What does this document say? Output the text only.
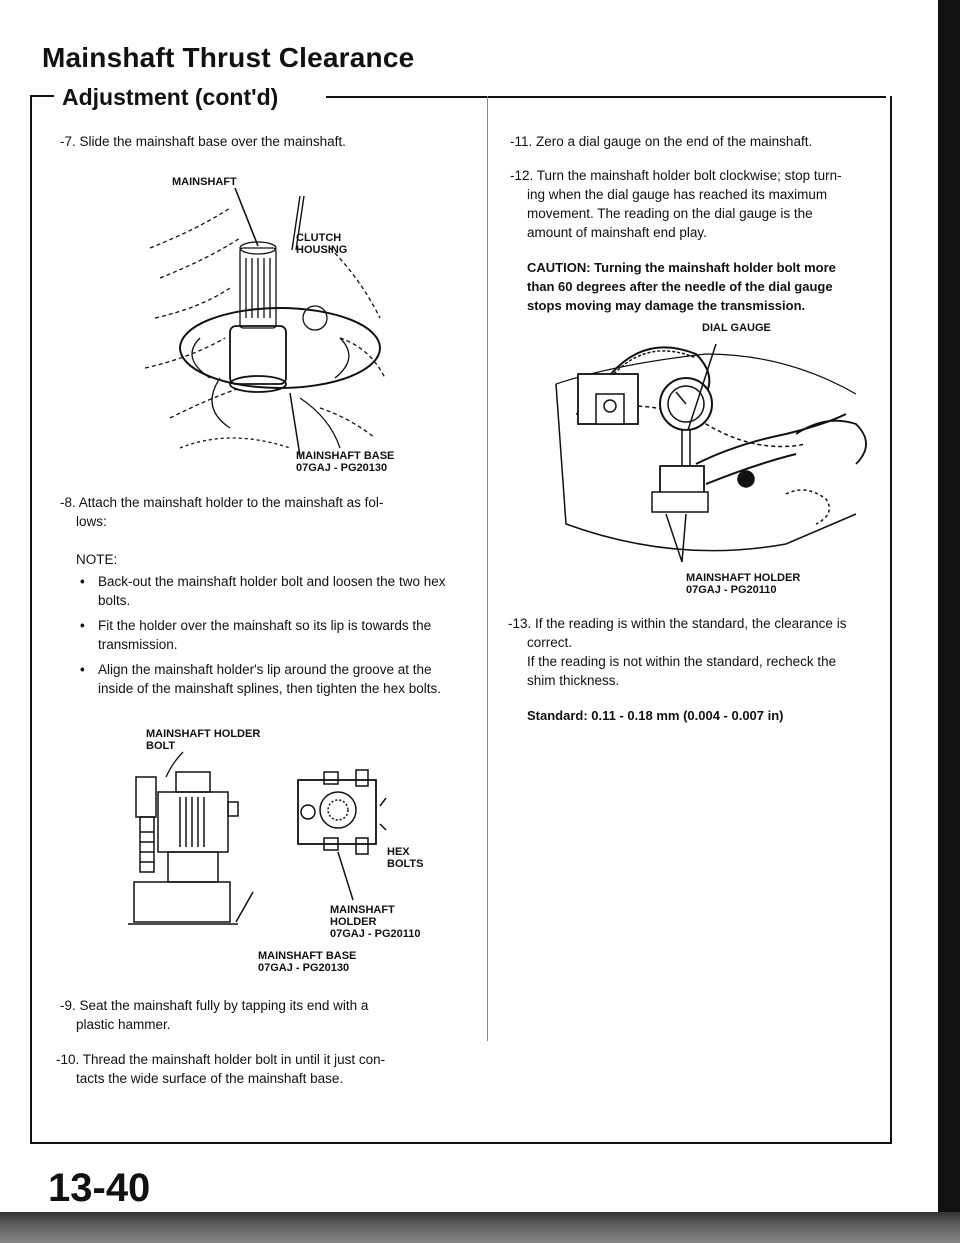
Mainshaft Thrust Clearance
Adjustment (cont'd)
-7. Slide the mainshaft base over the mainshaft.
MAINSHAFT
CLUTCH
HOUSING
MAINSHAFT BASE
07GAJ - PG20130
-8. Attach the mainshaft holder to the mainshaft as fol-
lows:
NOTE:
• Back-out the mainshaft holder bolt and loosen the two hex bolts.
• Fit the holder over the mainshaft so its lip is towards the transmission.
• Align the mainshaft holder's lip around the groove at the inside of the mainshaft splines, then tighten the hex bolts.
MAINSHAFT HOLDER
BOLT
HEX
BOLTS
MAINSHAFT
HOLDER
07GAJ - PG20110
MAINSHAFT BASE
07GAJ - PG20130
-9. Seat the mainshaft fully by tapping its end with a
plastic hammer.
-10. Thread the mainshaft holder bolt in until it just con-
tacts the wide surface of the mainshaft base.
-11. Zero a dial gauge on the end of the mainshaft.
-12. Turn the mainshaft holder bolt clockwise; stop turn-
ing when the dial gauge has reached its maximum
movement. The reading on the dial gauge is the
amount of mainshaft end play.
CAUTION: Turning the mainshaft holder bolt more
than 60 degrees after the needle of the dial gauge
stops moving may damage the transmission.
DIAL GAUGE
MAINSHAFT HOLDER
07GAJ - PG20110
-13. If the reading is within the standard, the clearance is
correct.
If the reading is not within the standard, recheck the
shim thickness.
Standard: 0.11 - 0.18 mm (0.004 - 0.007 in)
13-40
